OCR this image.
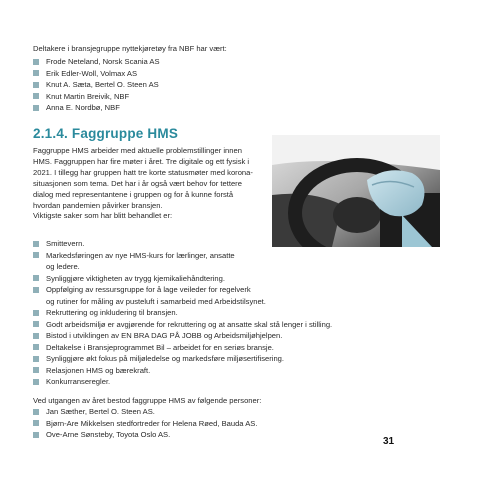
Deltakere i bransjegruppe nyttekjøretøy fra NBF har vært:

Frode Neteland, Norsk Scania AS
Erik Edler-Woll, Volmax AS
Knut A. Sæta, Bertel O. Steen AS
Knut Martin Breivik, NBF
Anna E. Nordbø, NBF
2.1.4. Faggruppe HMS

Faggruppe HMS arbeider med aktuelle problemstillinger innen
HMS. Faggruppen har fire møter i året. Tre digitale og ett fysisk i
2021. I tillegg har gruppen hatt tre korte statusmøter med korona-
situasjonen som tema. Det har i år også vært behov for tettere
dialog med representantene i gruppen og for å kunne forstå
hvordan pandemien påvirker bransjen.
Viktigste saker som har blitt behandlet er:

Smittevern.
Markedsføringen av nye HMS-kurs for lærlinger, ansatte
og ledere.
Synliggjøre viktigheten av trygg kjemikaliehåndtering.
Oppfølging av ressursgruppe for å lage veileder for regelverk
og rutiner for måling av pusteluft i samarbeid med Arbeidstilsynet.
Rekruttering og inkludering til bransjen.
Godt arbeidsmiljø er avgjørende for rekruttering og at ansatte skal stå lenger i stilling.
Bistod i utviklingen av EN BRA DAG PÅ JOBB og Arbeidsmiljøhjelpen.
Deltakelse i Bransjeprogrammet Bil – arbeidet for en seriøs bransje.
Synliggjøre økt fokus på miljøledelse og markedsføre miljøsertifisering.
Relasjonen HMS og bærekraft.
Konkurranseregler.

Ved utgangen av året bestod faggruppe HMS av følgende personer:

Jan Sæther, Bertel O. Steen AS.
Bjørn-Are Mikkelsen stedfortreder for Helena Røed, Bauda AS.
Ove-Arne Sønsteby, Toyota Oslo AS.
31
